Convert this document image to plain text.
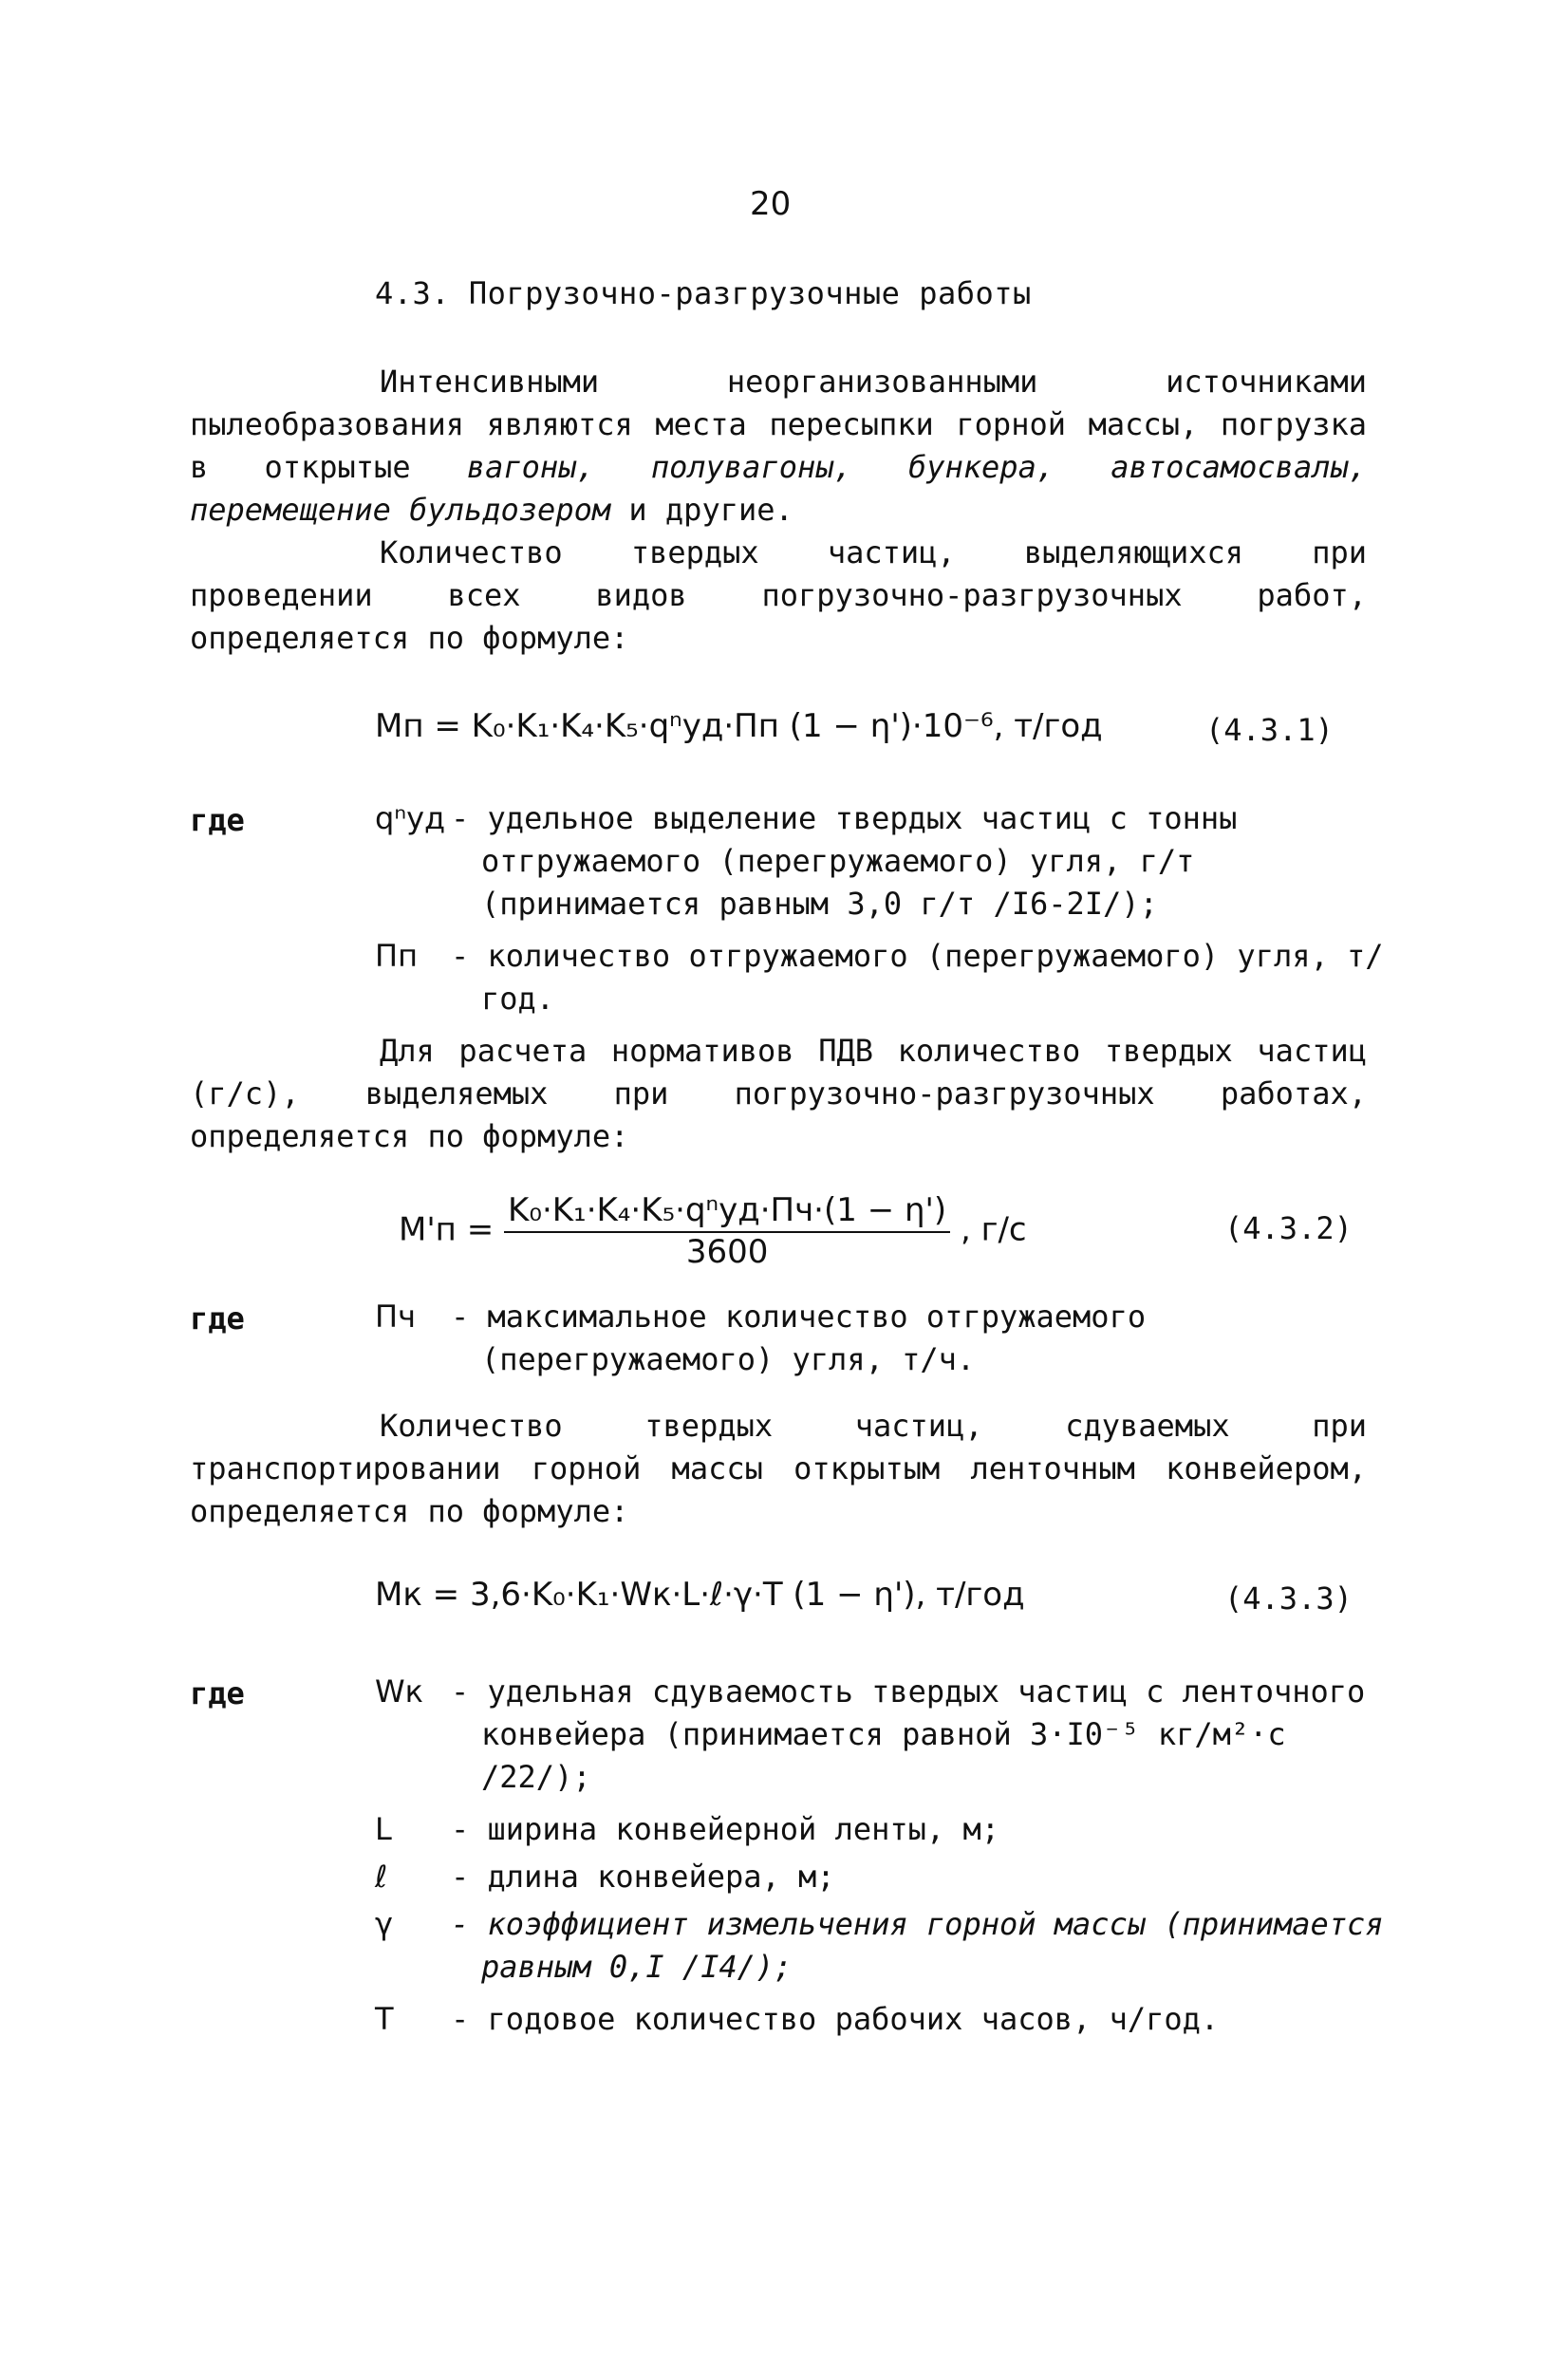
20
4.3. Погрузочно-разгрузочные работы

Интенсивными неорганизованными источниками пылеобразования являются места пересыпки горной массы, погрузка в открытые вагоны, полувагоны, бункера, автосамосвалы, перемещение бульдозером и другие.

Количество твердых частиц, выделяющихся при проведении всех видов погрузочно-разгрузочных работ, определяется по формуле:

Mп = K₀·K₁·K₄·K₅·qⁿуд·Пп (1 − η')·10⁻⁶, т/год	(4.3.1)
где	qⁿуд - удельное выделение твердых частиц с тонны отгружаемого (перегружаемого) угля, г/т (принимается равным 3,0 г/т /I6-2I/);
Пп	- количество отгружаемого (перегружаемого) угля, т/год.

Для расчета нормативов ПДВ количество твердых частиц (г/с), выделяемых при погрузочно-разгрузочных работах, определяется по формуле:

$M'п = \frac{\text{K₀·K₁·K₄·K₅·qⁿуд·Пч·(1 − η')}}{3600}$ , г/с	(4.3.2)
где	Пч	- максимальное количество отгружаемого (перегружаемого) угля, т/ч.

Количество твердых частиц, сдуваемых при транспортировании горной массы открытым ленточным конвейером, определяется по формуле:

Mк = 3,6·K₀·K₁·Wк·L·ℓ·γ·T (1 − η'), т/год	(4.3.3)
где	Wк - удельная сдуваемость твердых частиц с ленточного конвейера (принимается равной 3·I0⁻⁵ кг/м²·с /22/);
L	- ширина конвейерной ленты, м;
ℓ	- длина конвейера, м;
γ	- коэффициент измельчения горной массы (принимается равным 0,I /I4/);
T	- годовое количество рабочих часов, ч/год.
